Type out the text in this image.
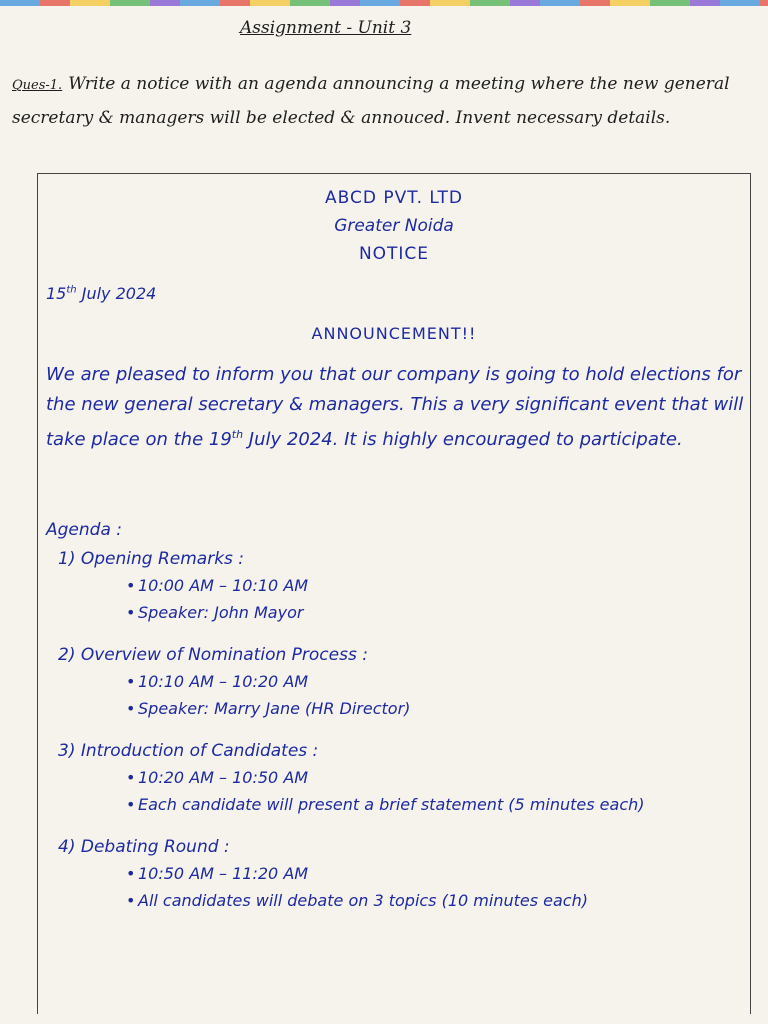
Assignment - Unit 3
Ques-1. Write a notice with an agenda announcing a meeting where the new general secretary & managers will be elected & annouced. Invent necessary details.
ABCD PVT. LTD
Greater Noida
NOTICE
15th July 2024
ANNOUNCEMENT!!
We are pleased to inform you that our company is going to hold elections for the new general secretary & managers. This a very significant event that will take place on the 19th July 2024. It is highly encouraged to participate.
Agenda :
1) Opening Remarks :
• 10:00 AM – 10:10 AM
• Speaker: John Mayor
2) Overview of Nomination Process :
• 10:10 AM – 10:20 AM
• Speaker: Marry Jane (HR Director)
3) Introduction of Candidates :
• 10:20 AM – 10:50 AM
• Each candidate will present a brief statement (5 minutes each)
4) Debating Round :
• 10:50 AM – 11:20 AM
• All candidates will debate on 3 topics (10 minutes each)
